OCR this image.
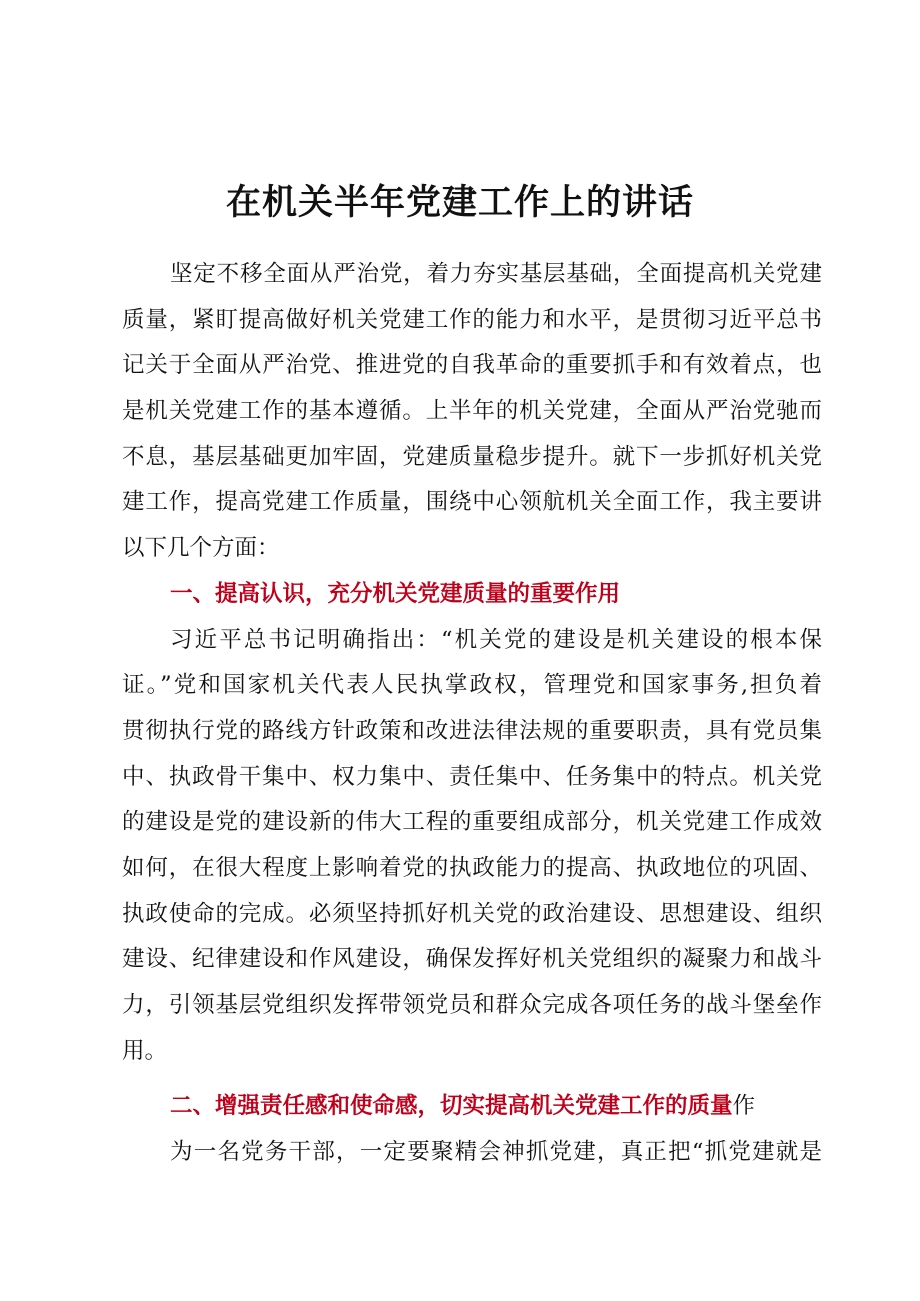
在机关半年党建工作上的讲话
坚定不移全面从严治党，着力夯实基层基础，全面提高机关党建
质量，紧盯提高做好机关党建工作的能力和水平，是贯彻习近平总书
记关于全面从严治党、推进党的自我革命的重要抓手和有效着点，也
是机关党建工作的基本遵循。上半年的机关党建，全面从严治党驰而
不息，基层基础更加牢固，党建质量稳步提升。就下一步抓好机关党
建工作，提高党建工作质量，围绕中心领航机关全面工作，我主要讲
以下几个方面：
一、提高认识，充分机关党建质量的重要作用
习近平总书记明确指出：“机关党的建设是机关建设的根本保
证。”党和国家机关代表人民执掌政权，管理党和国家事务,担负着
贯彻执行党的路线方针政策和改进法律法规的重要职责，具有党员集
中、执政骨干集中、权力集中、责任集中、任务集中的特点。机关党
的建设是党的建设新的伟大工程的重要组成部分，机关党建工作成效
如何，在很大程度上影响着党的执政能力的提高、执政地位的巩固、
执政使命的完成。必须坚持抓好机关党的政治建设、思想建设、组织
建设、纪律建设和作风建设，确保发挥好机关党组织的凝聚力和战斗
力，引领基层党组织发挥带领党员和群众完成各项任务的战斗堡垒作
用。
二、增强责任感和使命感，切实提高机关党建工作的质量作
为一名党务干部，一定要聚精会神抓党建，真正把“抓党建就是
